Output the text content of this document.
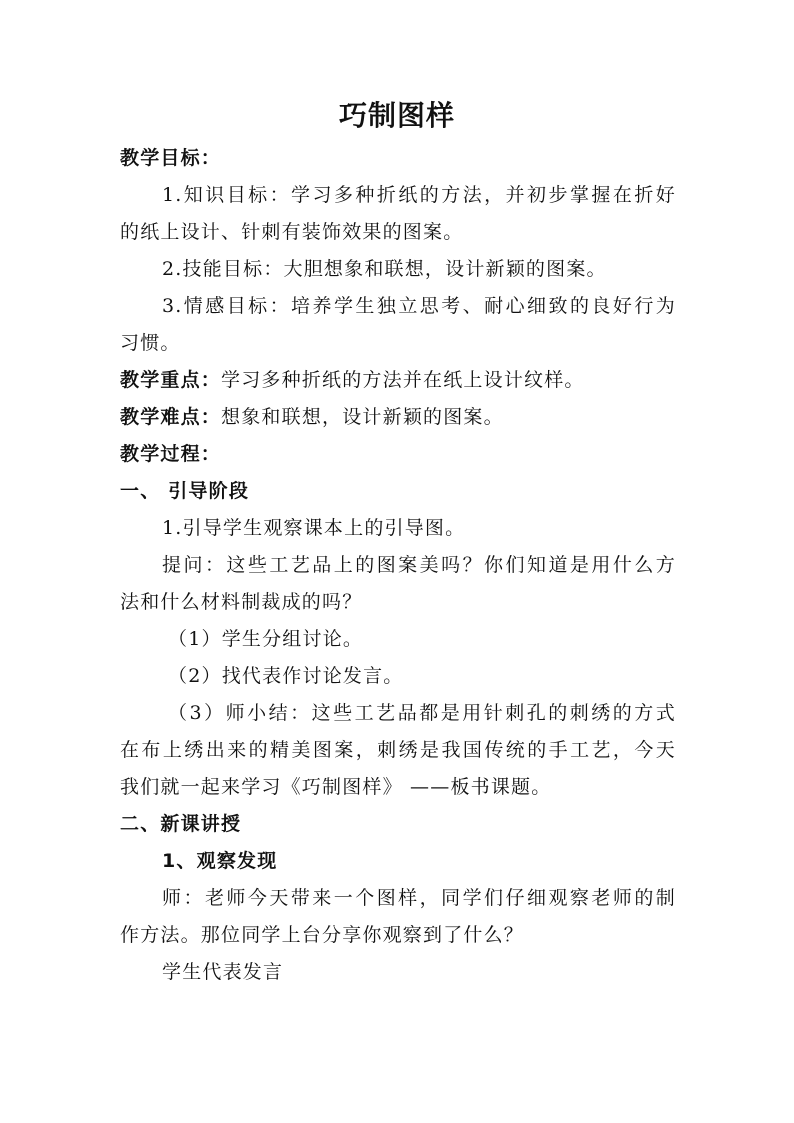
巧制图样
教学目标：
1.知识目标：学习多种折纸的方法，并初步掌握在折好
的纸上设计、针刺有装饰效果的图案。
2.技能目标：大胆想象和联想，设计新颖的图案。
3.情感目标：培养学生独立思考、耐心细致的良好行为
习惯。
教学重点：学习多种折纸的方法并在纸上设计纹样。
教学难点：想象和联想，设计新颖的图案。
教学过程：
一、 引导阶段
1.引导学生观察课本上的引导图。
提问：这些工艺品上的图案美吗？你们知道是用什么方
法和什么材料制裁成的吗？
（1）学生分组讨论。
（2）找代表作讨论发言。
（3）师小结：这些工艺品都是用针刺孔的刺绣的方式
在布上绣出来的精美图案，刺绣是我国传统的手工艺，今天
我们就一起来学习《巧制图样》 ——板书课题。
二、新课讲授
1、观察发现
师：老师今天带来一个图样，同学们仔细观察老师的制
作方法。那位同学上台分享你观察到了什么？
学生代表发言
